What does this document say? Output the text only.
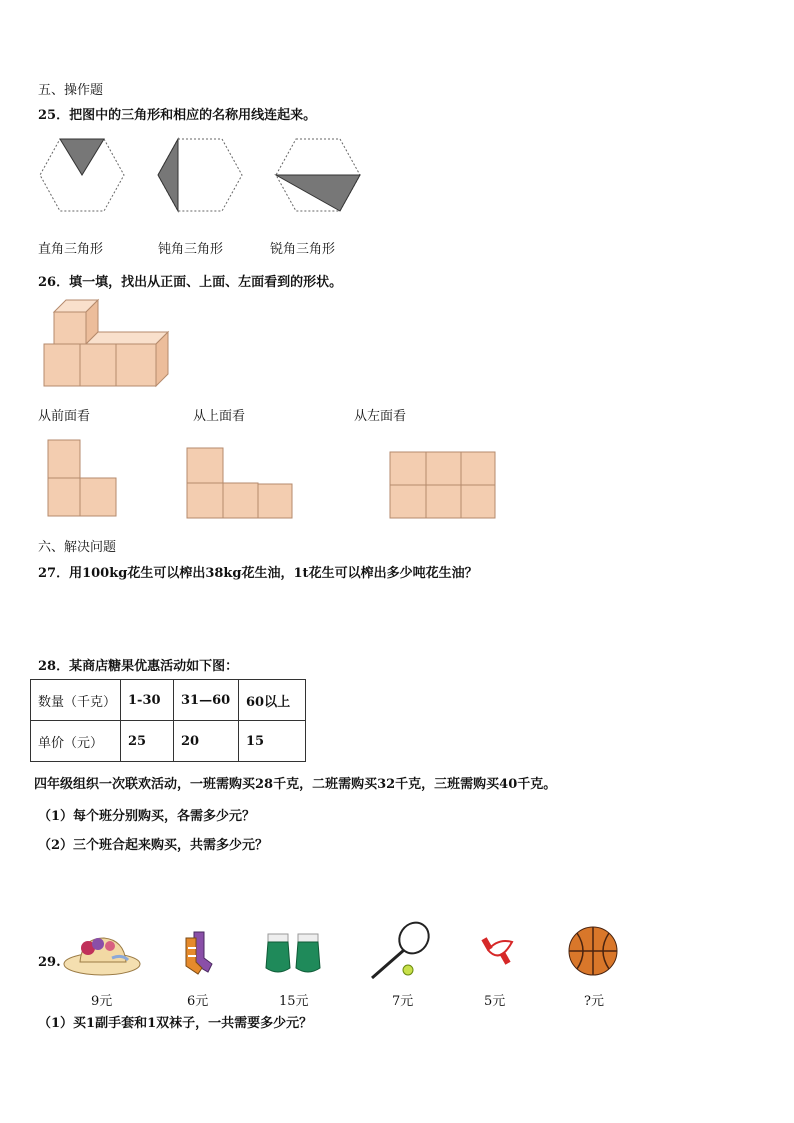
五、操作题
25．把图中的三角形和相应的名称用线连起来。
直角三角形	钝角三角形	锐角三角形
26．填一填，找出从正面、上面、左面看到的形状。
从前面看	从上面看	从左面看
六、解决问题
27．用100kg花生可以榨出38kg花生油，1t花生可以榨出多少吨花生油？
28．某商店糖果优惠活动如下图：
数量（千克）	1-30	31—60	60以上
单价（元）	25	20	15
四年级组织一次联欢活动，一班需购买28千克，二班需购买32千克，三班需购买40千克。
（1）每个班分别购买，各需多少元？
（2）三个班合起来购买，共需多少元？
29.
9元	6元	15元	7元	5元	?元
（1）买1副手套和1双袜子，一共需要多少元？
